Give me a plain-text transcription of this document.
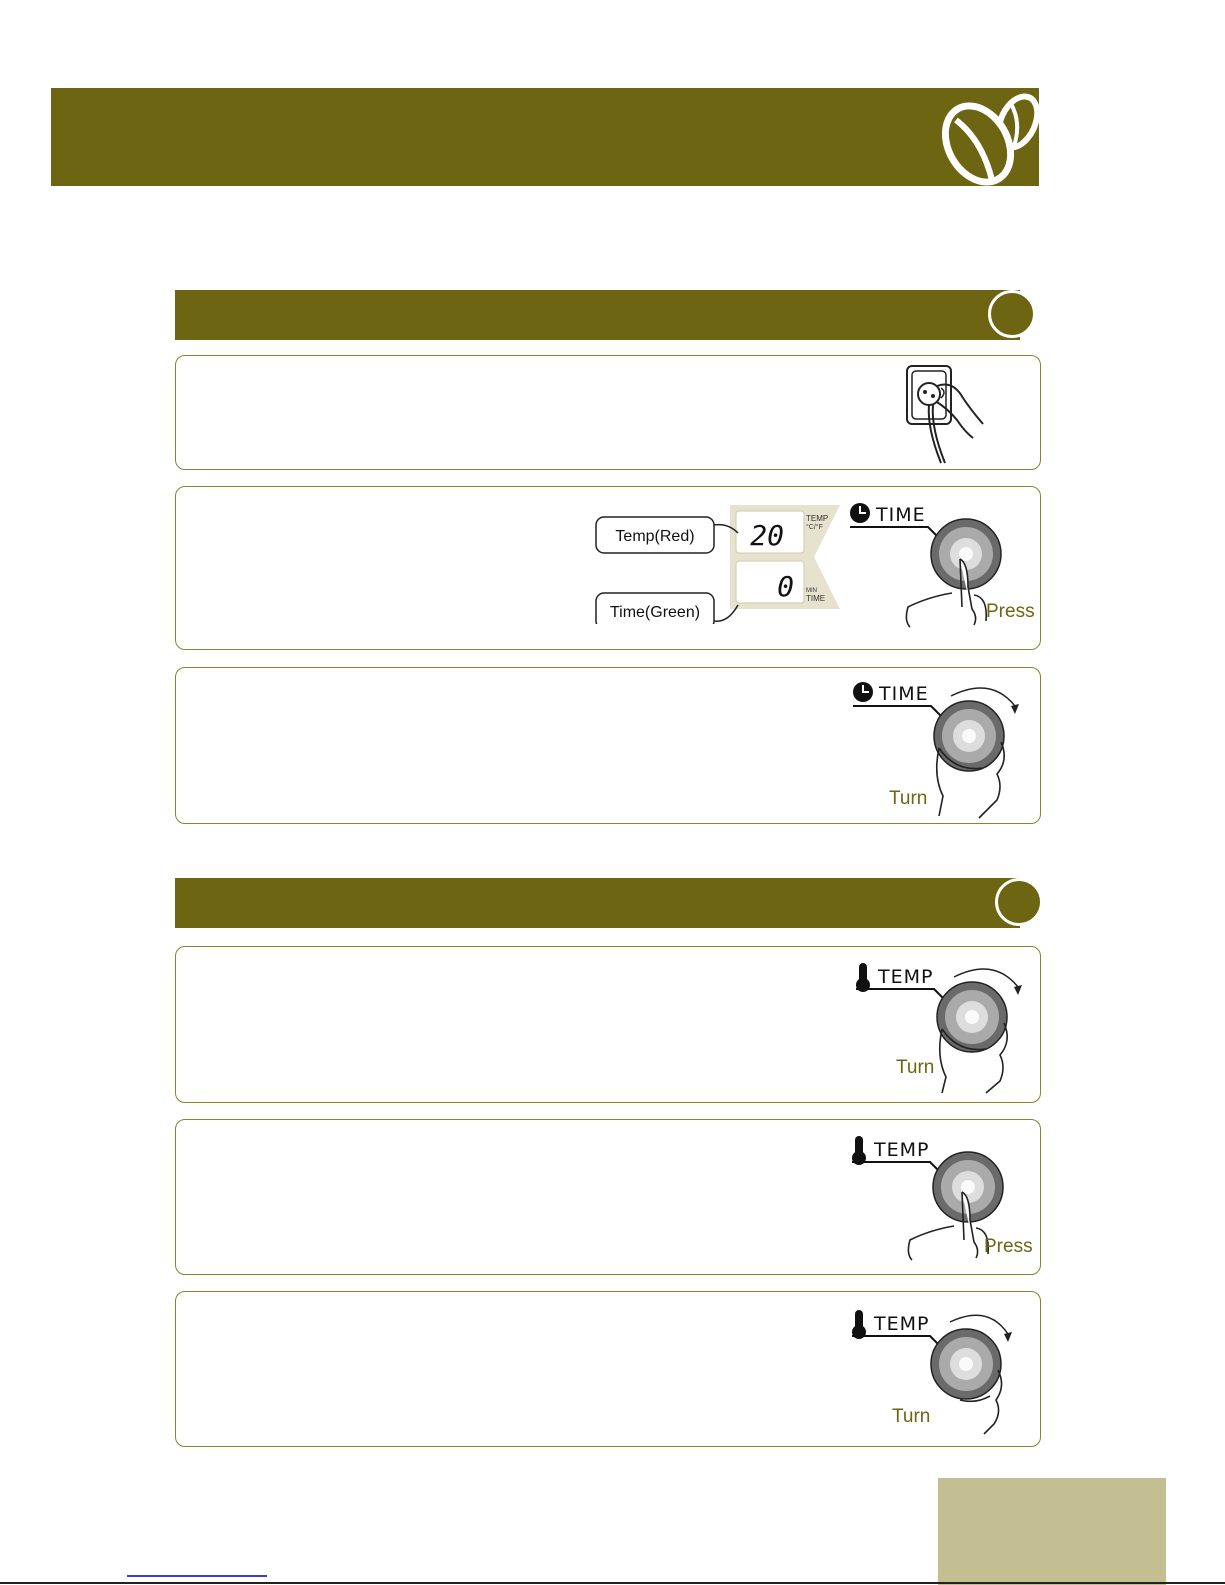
20
TEMP
°C/°F
0 MIN
TIME
Temp(Red)
Time(Green)
TIME
Press
TIME
Turn
TEMP
Turn
TEMP
Press
TEMP
Turn
